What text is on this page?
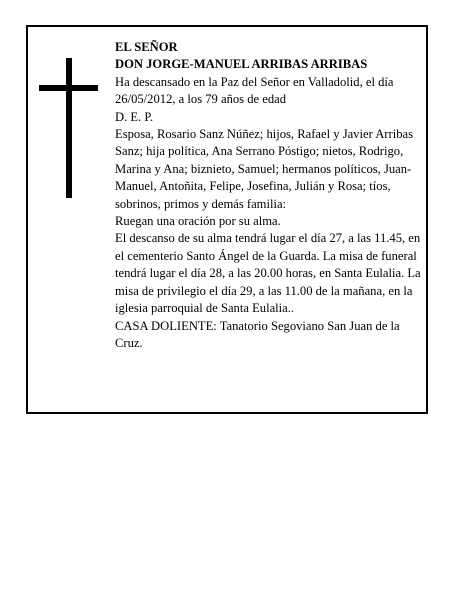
EL SEÑOR

DON JORGE-MANUEL ARRIBAS ARRIBAS

Ha descansado en la Paz del Señor en Valladolid, el día 26/05/2012, a los 79 años de edad

D. E. P.

Esposa, Rosario Sanz Núñez; hijos, Rafael y Javier Arribas Sanz; hija política, Ana Serrano Póstigo; nietos, Rodrigo, Marina y Ana; biznieto, Samuel; hermanos políticos, Juan-Manuel, Antoñita, Felipe, Josefina, Julián y Rosa; tíos, sobrinos, primos y demás familia:

Ruegan una oración por su alma.

El descanso de su alma tendrá lugar el día 27, a las 11.45, en el cementerio Santo Ángel de la Guarda. La misa de funeral tendrá lugar el día 28, a las 20.00 horas, en Santa Eulalia. La misa de privilegio el día 29, a las 11.00 de la mañana, en la iglesia parroquial de Santa Eulalia..

CASA DOLIENTE: Tanatorio Segoviano San Juan de la Cruz.
